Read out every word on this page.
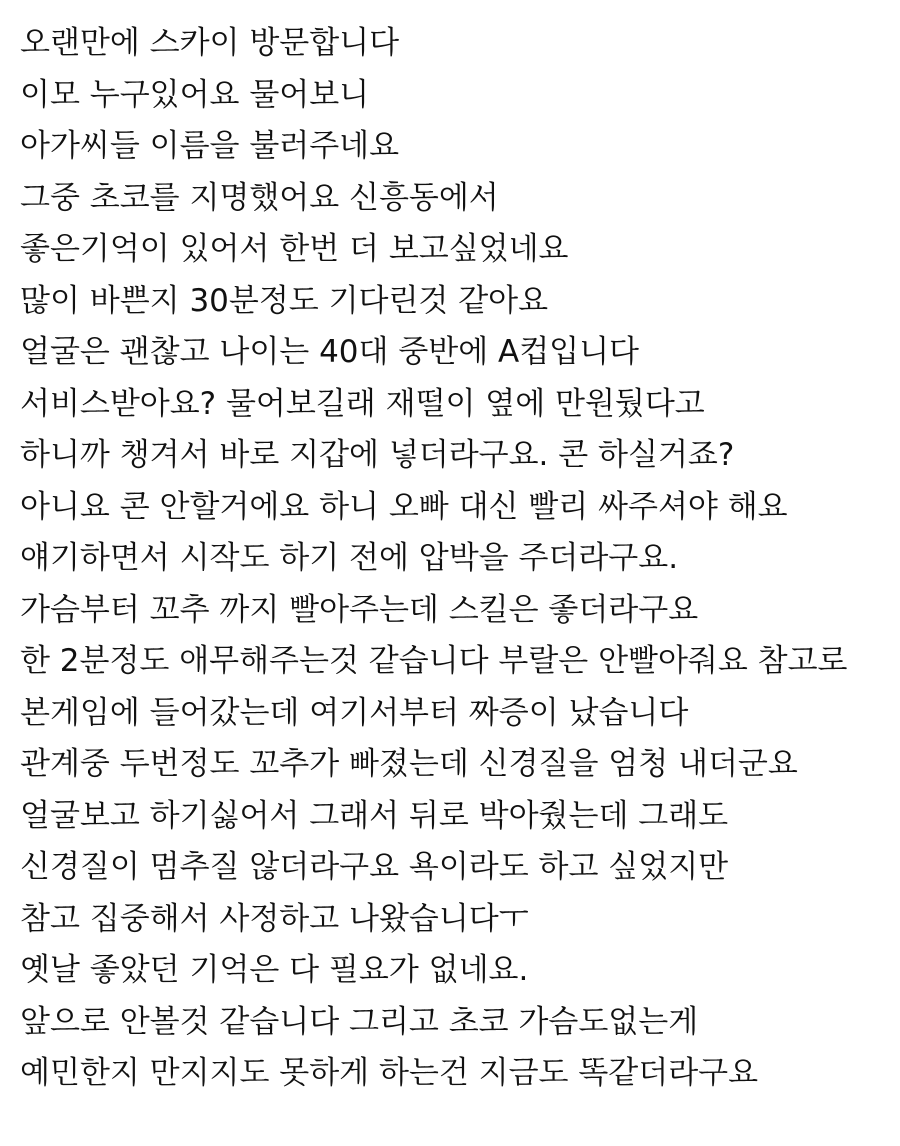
오랜만에 스카이 방문합니다
이모 누구있어요 물어보니
아가씨들 이름을 불러주네요
그중 초코를 지명했어요 신흥동에서
좋은기억이 있어서 한번 더 보고싶었네요
많이 바쁜지 30분정도 기다린것 같아요
얼굴은 괜찮고 나이는 40대 중반에 A컵입니다
서비스받아요? 물어보길래 재떨이 옆에 만원뒀다고
하니까 챙겨서 바로 지갑에 넣더라구요. 콘 하실거죠?
아니요 콘 안할거에요 하니 오빠 대신 빨리 싸주셔야 해요
얘기하면서 시작도 하기 전에 압박을 주더라구요.
가슴부터 꼬추 까지 빨아주는데 스킬은 좋더라구요
한 2분정도 애무해주는것 같습니다 부랄은 안빨아줘요 참고로
본게임에 들어갔는데 여기서부터 짜증이 났습니다
관계중 두번정도 꼬추가 빠졌는데 신경질을 엄청 내더군요
얼굴보고 하기싫어서 그래서 뒤로 박아줬는데 그래도
신경질이 멈추질 않더라구요 욕이라도 하고 싶었지만
참고 집중해서 사정하고 나왔습니다ㅜ
옛날 좋았던 기억은 다 필요가 없네요.
앞으로 안볼것 같습니다 그리고 초코 가슴도없는게
예민한지 만지지도 못하게 하는건 지금도 똑같더라구요
